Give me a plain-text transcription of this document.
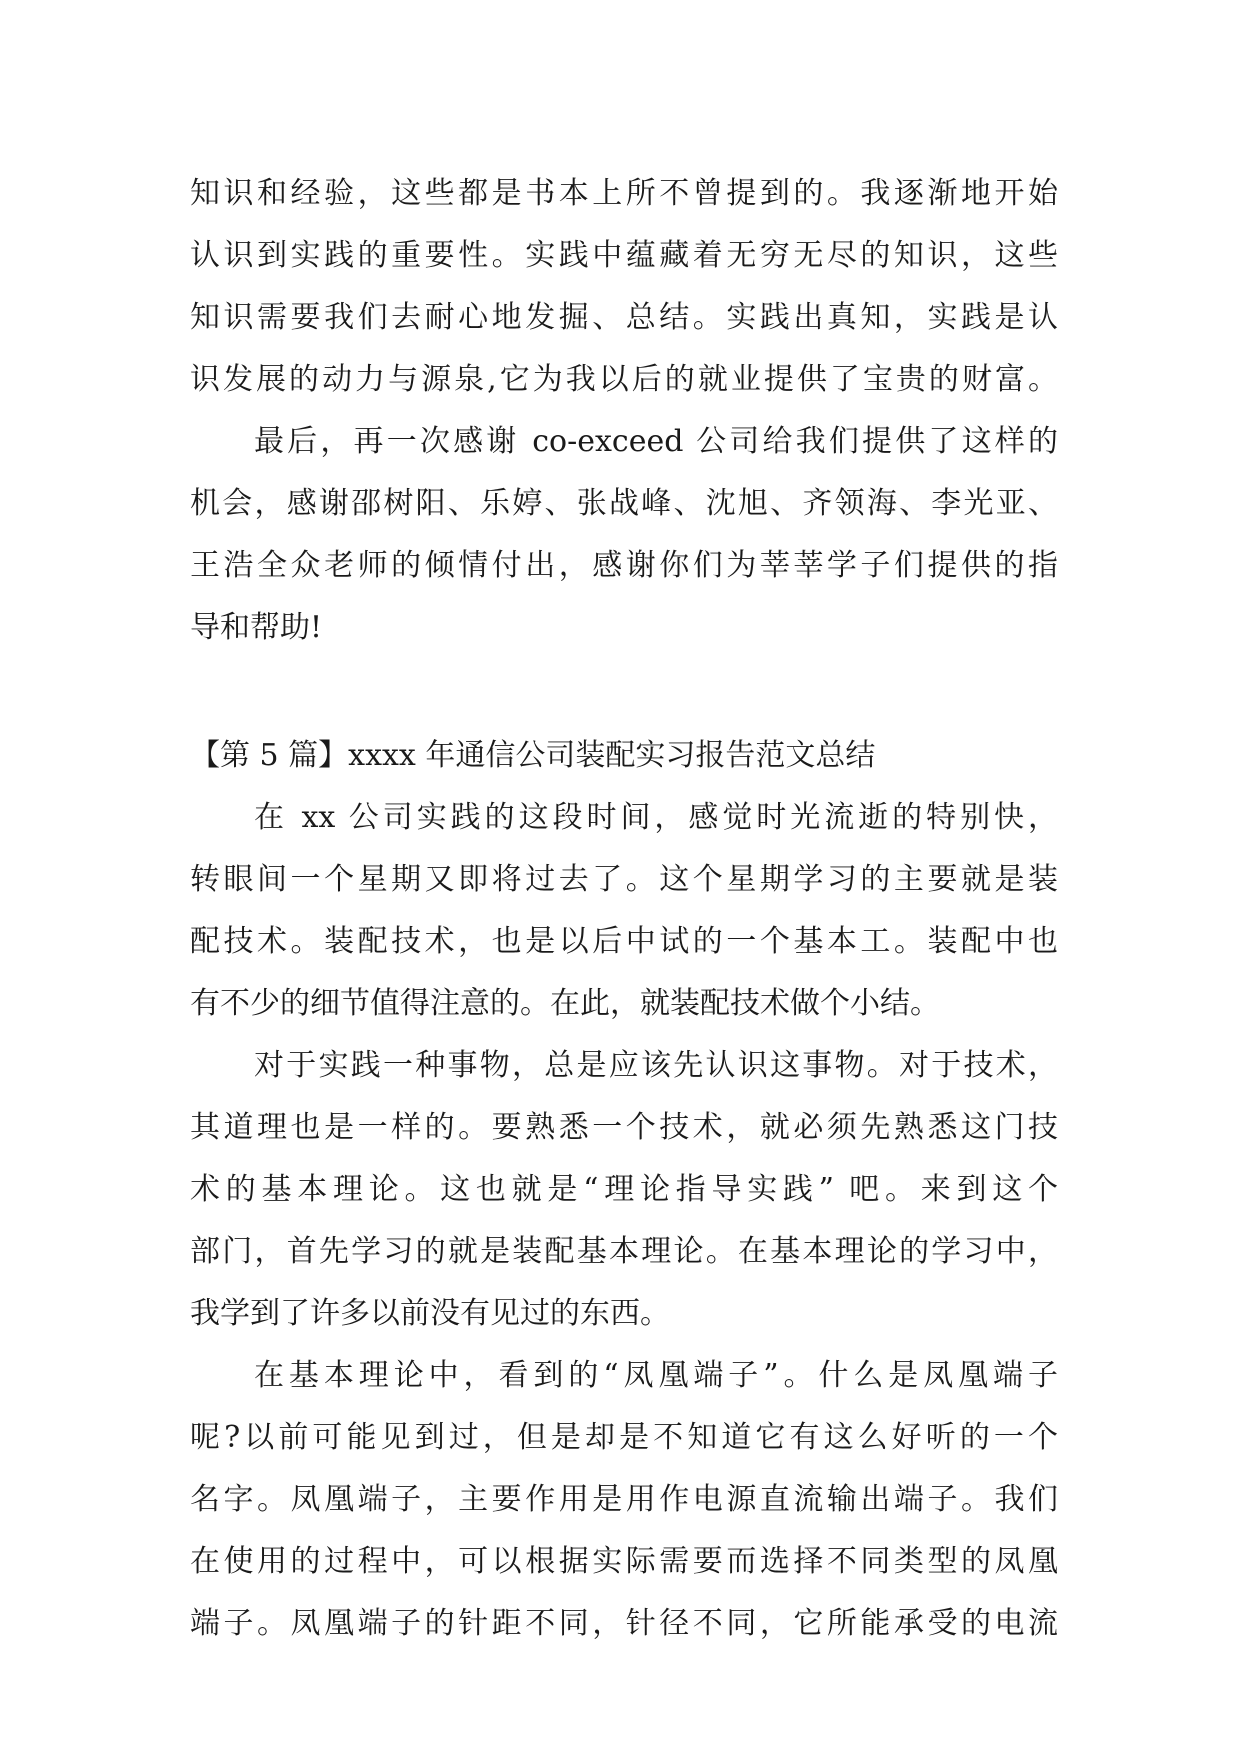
知识和经验，这些都是书本上所不曾提到的。我逐渐地开始
认识到实践的重要性。实践中蕴藏着无穷无尽的知识，这些
知识需要我们去耐心地发掘、总结。实践出真知，实践是认
识发展的动力与源泉,它为我以后的就业提供了宝贵的财富。
最后，再一次感谢 co-exceed 公司给我们提供了这样的
机会，感谢邵树阳、乐婷、张战峰、沈旭、齐领海、李光亚、
王浩全众老师的倾情付出，感谢你们为莘莘学子们提供的指
导和帮助!
【第 5 篇】xxxx 年通信公司装配实习报告范文总结
在 xx 公司实践的这段时间，感觉时光流逝的特别快，
转眼间一个星期又即将过去了。这个星期学习的主要就是装
配技术。装配技术，也是以后中试的一个基本工。装配中也
有不少的细节值得注意的。在此，就装配技术做个小结。
对于实践一种事物，总是应该先认识这事物。对于技术，
其道理也是一样的。要熟悉一个技术，就必须先熟悉这门技
术的基本理论。这也就是“理论指导实践” 吧。来到这个
部门，首先学习的就是装配基本理论。在基本理论的学习中，
我学到了许多以前没有见过的东西。
在基本理论中，看到的“凤凰端子”。什么是凤凰端子
呢?以前可能见到过，但是却是不知道它有这么好听的一个
名字。凤凰端子，主要作用是用作电源直流输出端子。我们
在使用的过程中，可以根据实际需要而选择不同类型的凤凰
端子。凤凰端子的针距不同，针径不同，它所能承受的电流
